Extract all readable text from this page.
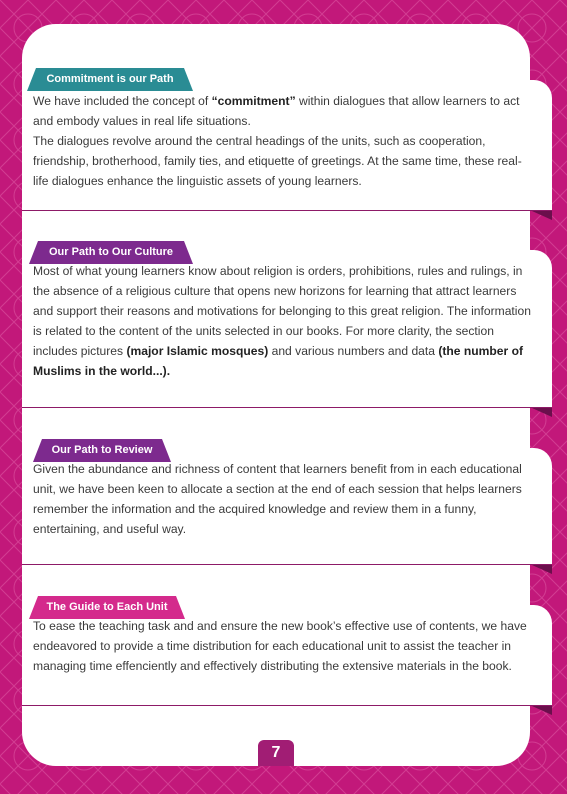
We have included the concept of “commitment” within dialogues that allow learners to act and embody values in real life situations.

The dialogues revolve around the central headings of the units, such as cooperation, friendship, brotherhood, family ties, and etiquette of greetings. At the same time, these real-life dialogues enhance the linguistic assets of young learners.

Commitment is our Path

Most of what young learners know about religion is orders, prohibitions, rules and rulings, in the absence of a religious culture that opens new horizons for learning that attract learners and support their reasons and motivations for belonging to this great religion. The information is related to the content of the units selected in our books. For more clarity, the section includes pictures (major Islamic mosques) and various numbers and data (the number of Muslims in the world...).

Our Path to Our Culture

Given the abundance and richness of content that learners benefit from in each educational unit, we have been keen to allocate a section at the end of each session that helps learners remember the information and the acquired knowledge and review them in a funny, entertaining, and useful way.

Our Path to Review

To ease the teaching task and and ensure the new book’s effective use of contents, we have endeavored to provide a time distribution for each educational unit to assist the teacher in managing time effenciently and effectively distributing the extensive materials in the book.

The Guide to Each Unit
7
